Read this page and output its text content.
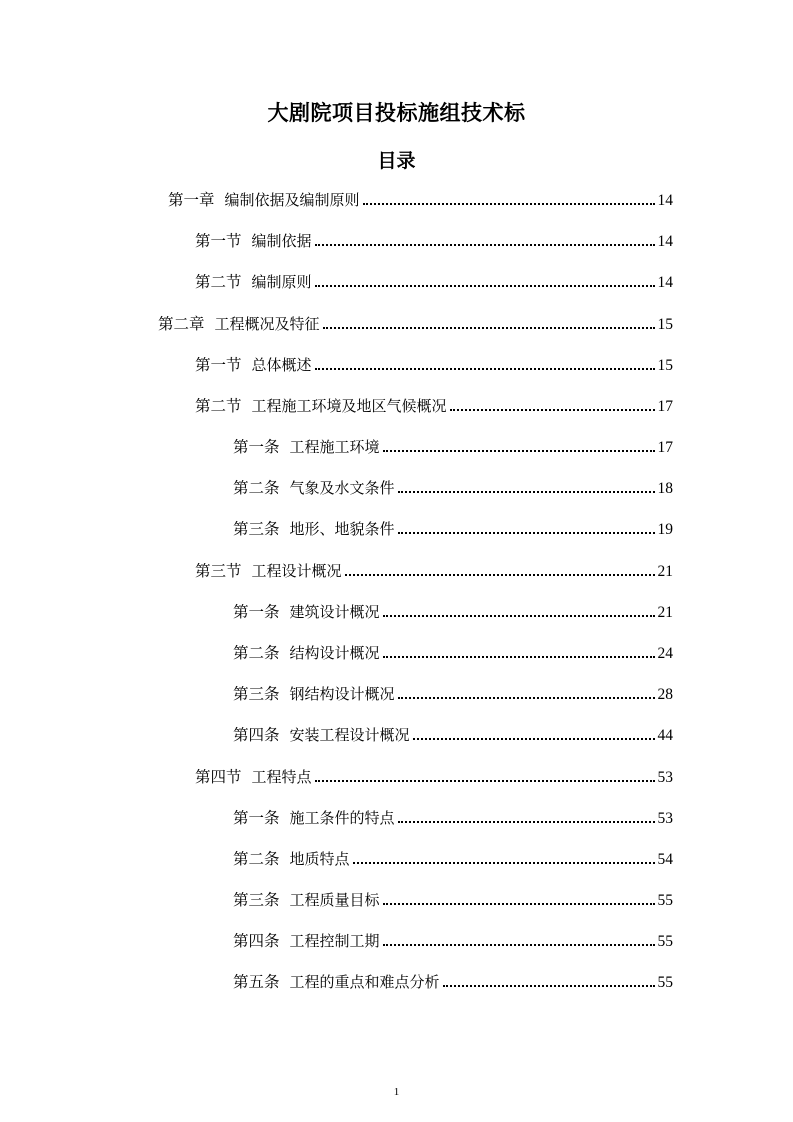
大剧院项目投标施组技术标
目录
第一章 编制依据及编制原则	14
第一节 编制依据	14
第二节 编制原则	14
第二章 工程概况及特征	15
第一节 总体概述	15
第二节 工程施工环境及地区气候概况	17
第一条 工程施工环境	17
第二条 气象及水文条件	18
第三条 地形、地貌条件	19
第三节 工程设计概况	21
第一条 建筑设计概况	21
第二条 结构设计概况	24
第三条 钢结构设计概况	28
第四条 安装工程设计概况	44
第四节 工程特点	53
第一条 施工条件的特点	53
第二条 地质特点	54
第三条 工程质量目标	55
第四条 工程控制工期	55
第五条 工程的重点和难点分析	55
1
